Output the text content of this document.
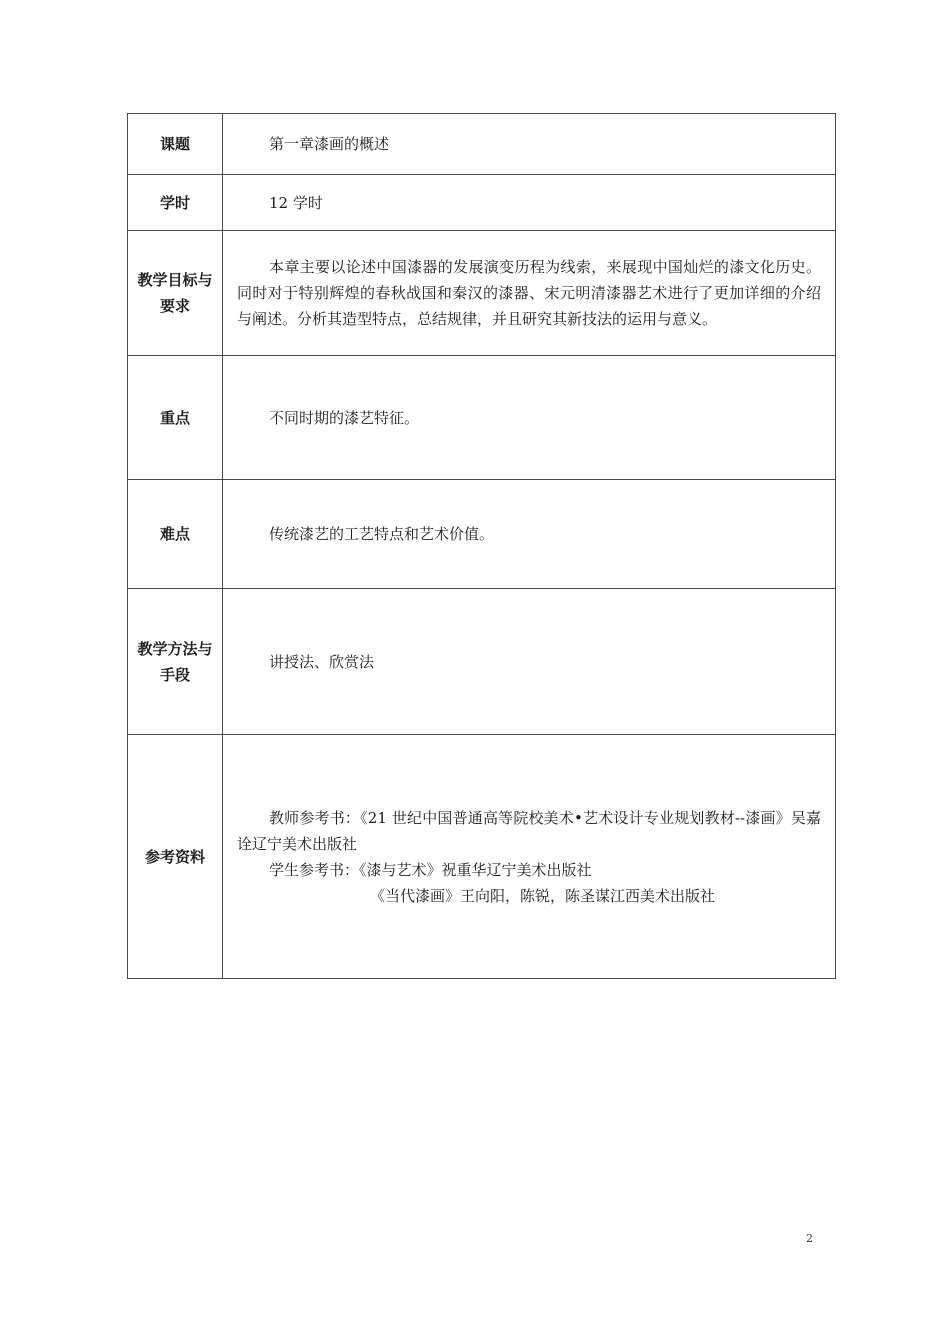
课题	第一章漆画的概述

学时	12 学时

教学目标与
要求	本章主要以论述中国漆器的发展演变历程为线索，来展现中国灿烂的漆文化历史。同时对于特别辉煌的春秋战国和秦汉的漆器、宋元明清漆器艺术进行了更加详细的介绍与阐述。分析其造型特点，总结规律，并且研究其新技法的运用与意义。

重点	不同时期的漆艺特征。

难点	传统漆艺的工艺特点和艺术价值。

教学方法与
手段	讲授法、欣赏法

参考资料	教师参考书：《21 世纪中国普通高等院校美术•艺术设计专业规划教材--漆画》吴嘉诠辽宁美术出版社
学生参考书：《漆与艺术》祝重华辽宁美术出版社
《当代漆画》王向阳，陈锐，陈圣谋江西美术出版社
2
